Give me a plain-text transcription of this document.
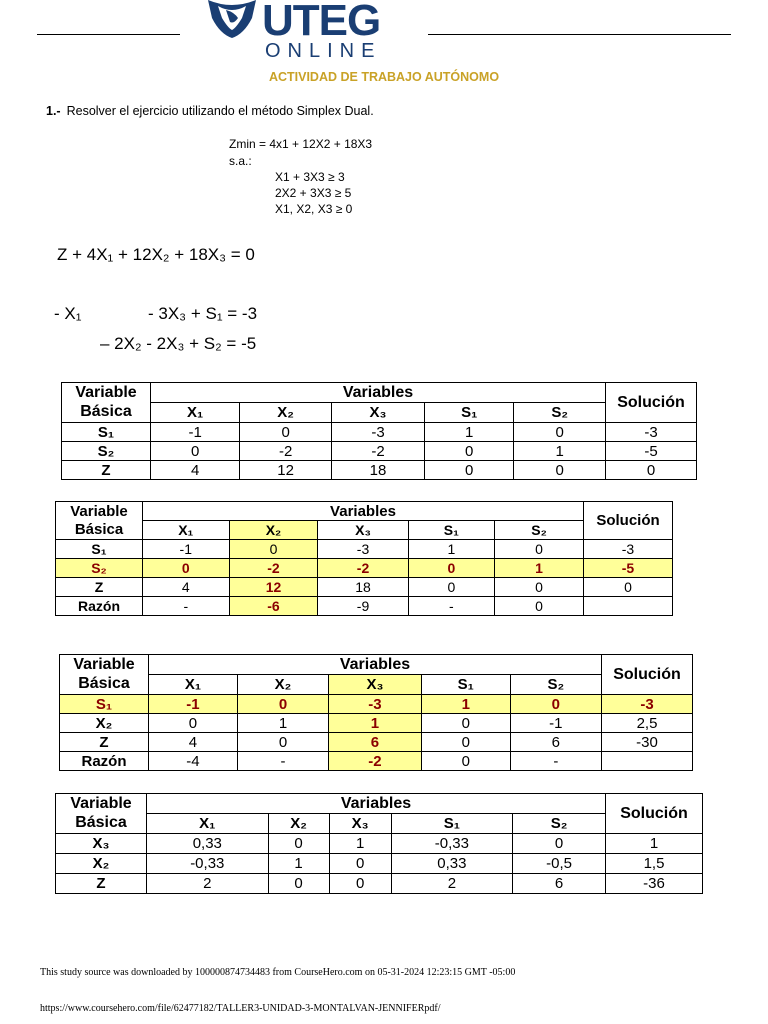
UTEG
ONLINE
ACTIVIDAD DE TRABAJO AUTÓNOMO
1.- Resolver el ejercicio utilizando el método Simplex Dual.
Zmin = 4x1 + 12X2 + 18X3
s.a.:
X1 + 3X3 ≥ 3
2X2 + 3X3 ≥ 5
X1, X2, X3 ≥ 0
Z + 4X₁ + 12X₂ + 18X₃ = 0
- X₁	- 3X₃ + S₁ = -3
– 2X₂ - 2X₃ + S₂ = -5
Variable
Básica	Variables					Solución
	X₁	X₂	X₃	S₁	S₂	
S₁	-1	0	-3	1	0	-3
S₂	0	-2	-2	0	1	-5
Z	4	12	18	0	0	0
Variable
Básica	Variables					Solución
	X₁	X₂	X₃	S₁	S₂	
S₁	-1	0	-3	1	0	-3
S₂	0	-2	-2	0	1	-5
Z	4	12	18	0	0	0
Razón	-	-6	-9	-	0	
Variable
Básica	Variables					Solución
	X₁	X₂	X₃	S₁	S₂	
S₁	-1	0	-3	1	0	-3
X₂	0	1	1	0	-1	2,5
Z	4	0	6	0	6	-30
Razón	-4	-	-2	0	-	
Variable
Básica	Variables					Solución
	X₁	X₂	X₃	S₁	S₂	
X₃	0,33	0	1	-0,33	0	1
X₂	-0,33	1	0	0,33	-0,5	1,5
Z	2	0	0	2	6	-36
This study source was downloaded by 100000874734483 from CourseHero.com on 05-31-2024 12:23:15 GMT -05:00
https://www.coursehero.com/file/62477182/TALLER3-UNIDAD-3-MONTALVAN-JENNIFERpdf/
